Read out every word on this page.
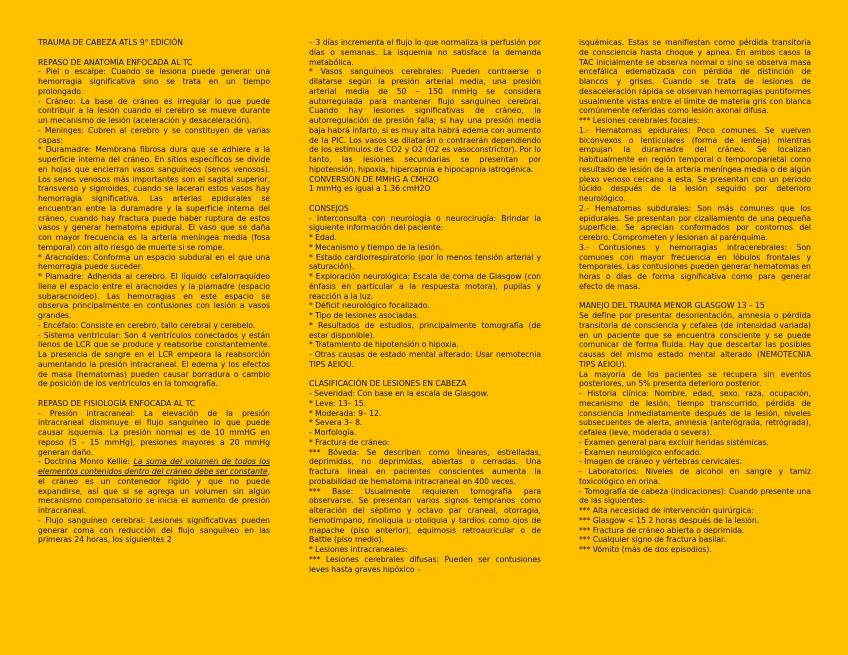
TRAUMA DE CABEZA ATLS 9° EDICIÓN

REPASO DE ANATOMÍA ENFOCADA AL TC

- Piel o escalpe: Cuando se lesiona puede generar una hemorragia significativa sino se trata en un tiempo prolongado.

- Cráneo: La base de cráneo es irregular lo que puede contribuir a la lesión cuando el cerebro se mueve durante un mecanismo de lesión (aceleración y desaceleración).

- Meninges: Cubren al cerebro y se constituyen de varias capas:

* Duramadre: Membrana fibrosa dura que se adhiere a la superficie interna del cráneo. En sitios específicos se divide en hojas que encierran vasos sanguíneos (senos venosos). Los senos venosos más importantes son el sagital superior, transverso y sigmoides, cuando se laceran estos vasos hay hemorragia significativa. Las arterias epidurales se encuentran entre la duramadre y la superficie interna del cráneo, cuando hay fractura puede haber ruptura de estos vasos y generar hematoma epidural. El vaso que se daña con mayor frecuencia es la arteria meníngea media (fosa temporal) con alto riesgo de muerte si se rompe.

* Aracnoides: Conforma un espacio subdural en el que una hemorragia puede suceder.

* Piamadre: Adherida al cerebro. El líquido cefalorraquídeo llena el espacio entre el aracnoides y la piamadre (espacio subaracnoideo). Las hemorragias en este espacio se observa principalmente en contusiones con lesión a vasos grandes.

- Encéfalo: Consiste en cerebro, tallo cerebral y cerebelo.

- Sistema ventricular: Son 4 ventrículos conectados y están llenos de LCR que se produce y reabsorbe constantemente. La presencia de sangre en el LCR empeora la reabsorción aumentando la presión intracraneal. El edema y los efectos de masa (hematomas) pueden causar borradura o cambio de posición de los ventrículos en la tomografía.

REPASO DE FISIOLOGÍA ENFOCADA AL TC

- Presión intracraneal: La elevación de la presión intracraneal disminuye el flujo sanguíneo lo que puede causar isquemia. La presión normal es de 10 mmHG en reposo (5 - 15 mmHg), presiones mayores a 20 mmHg generan daño.

- Doctrina Monro Kellie: La suma del volumen de todos los elementos contenidos dentro del cráneo debe ser constante, el cráneo es un contenedor rígido y que no puede expandirse, así que si se agrega un volumen sin algún mecanismo compensatorio se inicia el aumento de presión intracraneal.

- Flujo sanguíneo cerebral: Lesiones significativas pueden generar coma con reducción del flujo sanguíneo en las primeras 24 horas, los siguientes 2

– 3 días incrementa el flujo lo que normaliza la perfusión por días o semanas. La isquemia no satisface la demanda metabólica.

* Vasos sanguíneos cerebrales: Pueden contraerse o dilatarse según la presión arterial media, una presión arterial media de 50 – 150 mmHg se considera autorregulada para mantener flujo sanguíneo cerebral. Cuando hay lesiones significativas de cráneo, la autorregulación de presión falla; si hay una presión media baja habrá infarto, si es muy alta habrá edema con aumento de la PIC. Los vasos se dilatarán o contraerán dependiendo de los estímulos de CO2 y O2 (O2 es vasoconstrictor). Por lo tanto, las lesiones secundarias se presentan por hipotensión, hipoxia, hipercapnia e hipocapnia iatrogénica.

CONVERSIÓN DE MMHG A CMH2O

1 mmHg es igual a 1.36 cmH2O

CONSEJOS

- Interconsulta con neurología o neurocirugía: Brindar la siguiente información del paciente:

* Edad.

* Mecanismo y tiempo de la lesión.

* Estado cardiorrespiratorio (por lo menos tensión arterial y saturación).

* Exploración neurológica: Escala de coma de Glasgow (con énfasis en particular a la respuesta motora), pupilas y reacción a la luz.

* Déficit neurológico focalizado.

* Tipo de lesiones asociadas.

* Resultados de estudios, principalmente tomografía (de estar disponible).

* Tratamiento de hipotensión o hipoxia.

- Otras causas de estado mental alterado: Usar nemotecnia TIPS AEIOU.

CLASIFICACIÓN DE LESIONES EN CABEZA

- Severidad: Con base en la escala de Glasgow.

* Leve: 13– 15.

* Moderada: 9– 12.

* Severa 3– 8.

- Morfología.

* Fractura de cráneo:

*** Bóveda: Se describen como lineares, estrelladas, deprimidas, no deprimidas, abiertas o cerradas. Una fractura lineal en pacientes conscientes aumenta la probabilidad de hematoma intracraneal en 400 veces.

*** Base: Usualmente requieren tomografía para observarse. Se presentan varios signos tempranos como alteración del séptimo y octavo par craneal, otorragia, hemotímpano, rinoliquia u otoliquia y tardíos como ojos de mapache (piso anterior), equimosis retroauricular o de Battle (piso medio).

* Lesiones intracraneales:

*** Lesiones cerebrales difusas: Pueden ser contusiones leves hasta graves hipóxico –

isquémicas. Estas se manifiestan como pérdida transitoria de consciencia hasta choque y apnea. En ambos casos la TAC inicialmente se observa normal o sino se observa masa encefálica edematizada con pérdida de distinción de blancos y grises. Cuando se trata de lesiones de desaceleración rápida se observan hemorragias puntiformes usualmente vistas entre el límite de materia gris con blanca comúnmente referidas como lesión axonal difusa.

*** Lesiones cerebrales focales:

1.- Hematomas epidurales: Poco comunes. Se vuelven biconvexos o lenticulares (forma de lenteja) mientras empujan la duramadre del cráneo. Se localizan habitualmente en región temporal o temporoparietal como resultado de lesión de la arteria meníngea media o de algún plexo venoso cercano a esta. Se presentan con un periodo lúcido después de la lesión seguido por deterioro neurológico.

2.- Hematomas subdurales: Son más comunes que los epidurales. Se presentan por cizallamiento de una pequeña superficie. Se aprecian conformados por contornos del cerebro. Comprometen y lesionan al parénquima.

3.- Contusiones y hemorragias intracerebrales: Son comunes con mayor frecuencia en lóbulos frontales y temporales. Las contusiones pueden generar hematomas en horas o días de forma significativa como para generar efecto de masa.

MANEJO DEL TRAUMA MENOR GLASGOW 13 – 15

Se define por presentar desorientación, amnesia o pérdida transitoria de consciencia y cefalea (de intensidad variada) en un paciente que se encuentra consciente y se puede comunicar de forma fluida. Hay que descartar las posibles causas del mismo estado mental alterado (NEMOTECNIA TIPS AEIOU).

La mayoría de los pacientes se recupera sin eventos posteriores, un 5% presenta deterioro posterior.

- Historia clínica: Nombre, edad, sexo, raza, ocupación, mecanismo de lesión, tiempo transcurrido, pérdida de consciencia inmediatamente después de la lesión, niveles subsecuentes de alerta, amnesia (anterógrada, retrógrada), cefalea (leve, moderada o severa).

- Examen general para excluir heridas sistémicas.

- Examen neurológico enfocado.

- Imagen de cráneo y vértebras cervicales.

- Laboratorios: Niveles de alcohol en sangre y tamiz toxicológico en orina.

- Tomografía de cabeza (indicaciones): Cuando presente una de las siguientes:

*** Alta necesidad de intervención quirúrgica:

*** Glasgow < 15 2 horas después de la lesión.

*** Fractura de cráneo abierta o deprimida.

*** Cualquier signo de fractura basilar.

*** Vómito (más de dos episodios).
